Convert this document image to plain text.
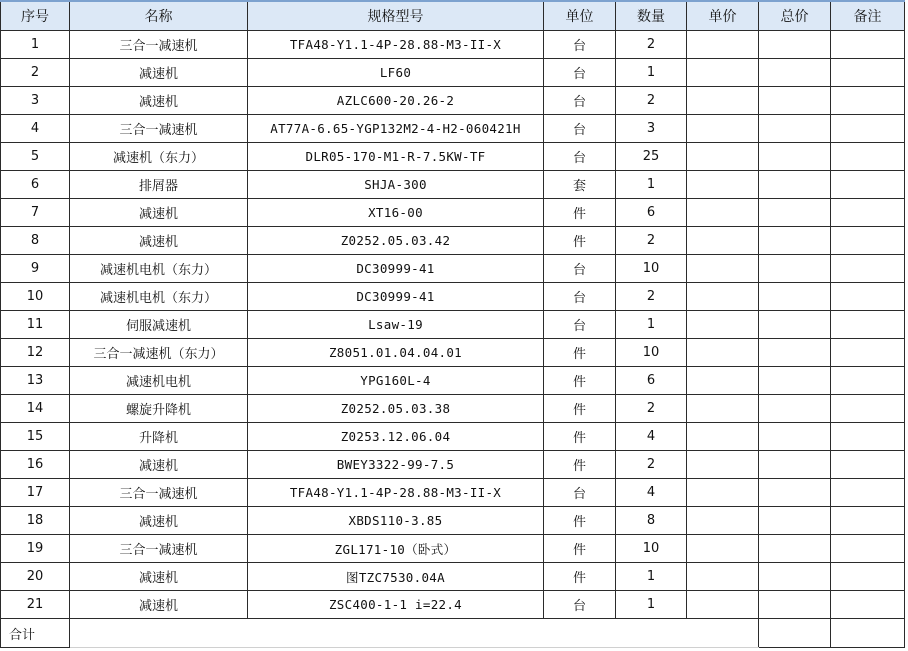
序号	名称	规格型号	单位	数量	单价	总价	备注
1	三合一减速机	TFA48-Y1.1-4P-28.88-M3-II-X	台	2			
2	减速机	LF60	台	1			
3	减速机	AZLC600-20.26-2	台	2			
4	三合一减速机	AT77A-6.65-YGP132M2-4-H2-060421H	台	3			
5	减速机（东力）	DLR05-170-M1-R-7.5KW-TF	台	25			
6	排屑器	SHJA-300	套	1			
7	减速机	XT16-00	件	6			
8	减速机	Z0252.05.03.42	件	2			
9	减速机电机（东力）	DC30999-41	台	10			
10	减速机电机（东力）	DC30999-41	台	2			
11	伺服减速机	Lsaw-19	台	1			
12	三合一减速机（东力）	Z8051.01.04.04.01	件	10			
13	减速机电机	YPG160L-4	件	6			
14	螺旋升降机	Z0252.05.03.38	件	2			
15	升降机	Z0253.12.06.04	件	4			
16	减速机	BWEY3322-99-7.5	件	2			
17	三合一减速机	TFA48-Y1.1-4P-28.88-M3-II-X	台	4			
18	减速机	XBDS110-3.85	件	8			
19	三合一减速机	ZGL171-10（卧式）	件	10			
20	减速机	图TZC7530.04A	件	1			
21	减速机	ZSC400-1-1 i=22.4	台	1			
合计							
